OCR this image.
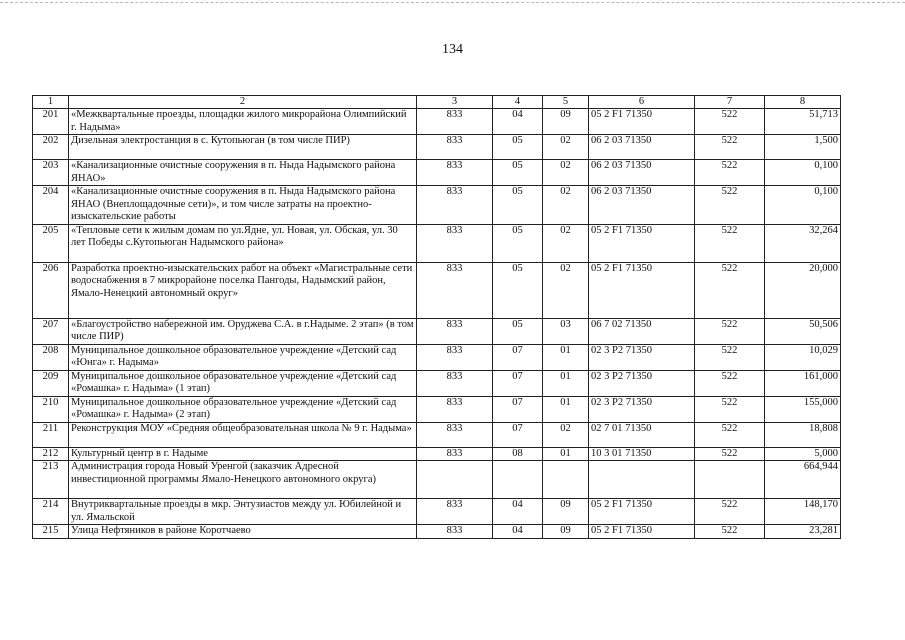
134
1	2	3	4	5	6	7	8
201	«Межквартальные проезды, площадки жилого микрорайона Олимпийский г. Надыма»	833	04	09	05 2 F1 71350	522	51,713
202	Дизельная электростанция в с. Кутопьюган (в том числе ПИР)	833	05	02	06 2 03 71350	522	1,500
203	«Канализационные очистные сооружения в п. Ныда Надымского района ЯНАО»	833	05	02	06 2 03 71350	522	0,100
204	«Канализационные очистные сооружения в п. Ныда Надымского района ЯНАО (Внеплощадочные сети)», и том числе затраты на проектно-изыскательские работы	833	05	02	06 2 03 71350	522	0,100
205	«Тепловые сети к жилым домам по ул.Ядне, ул. Новая, ул. Обская, ул. 30 лет Победы с.Кутопьюган Надымского района»	833	05	02	05 2 F1 71350	522	32,264
206	Разработка проектно-изыскательских работ на объект «Магистральные сети водоснабжения в 7 микрорайоне поселка Пангоды, Надымский район, Ямало-Ненецкий автономный округ»	833	05	02	05 2 F1 71350	522	20,000
207	«Благоустройство набережной им. Оруджева С.А. в г.Надыме. 2 этап» (в том числе ПИР)	833	05	03	06 7 02 71350	522	50,506
208	Муниципальное дошкольное образовательное учреждение «Детский сад «Юнга» г. Надыма»	833	07	01	02 3 P2 71350	522	10,029
209	Муниципальное дошкольное образовательное учреждение «Детский сад «Ромашка» г. Надыма» (1 этап)	833	07	01	02 3 P2 71350	522	161,000
210	Муниципальное дошкольное образовательное учреждение «Детский сад «Ромашка» г. Надыма» (2 этап)	833	07	01	02 3 P2 71350	522	155,000
211	Реконструкция МОУ «Средняя общеобразовательная школа № 9 г. Надыма»	833	07	02	02 7 01 71350	522	18,808
212	Культурный центр в г. Надыме	833	08	01	10 3 01 71350	522	5,000
213	Администрация города Новый Уренгой (заказчик Адресной инвестиционной программы Ямало-Ненецкого автономного округа)						664,944
214	Внутриквартальные проезды в мкр. Энтузиастов между ул. Юбилейной и ул. Ямальской	833	04	09	05 2 F1 71350	522	148,170
215	Улица Нефтяников в районе Коротчаево	833	04	09	05 2 F1 71350	522	23,281
